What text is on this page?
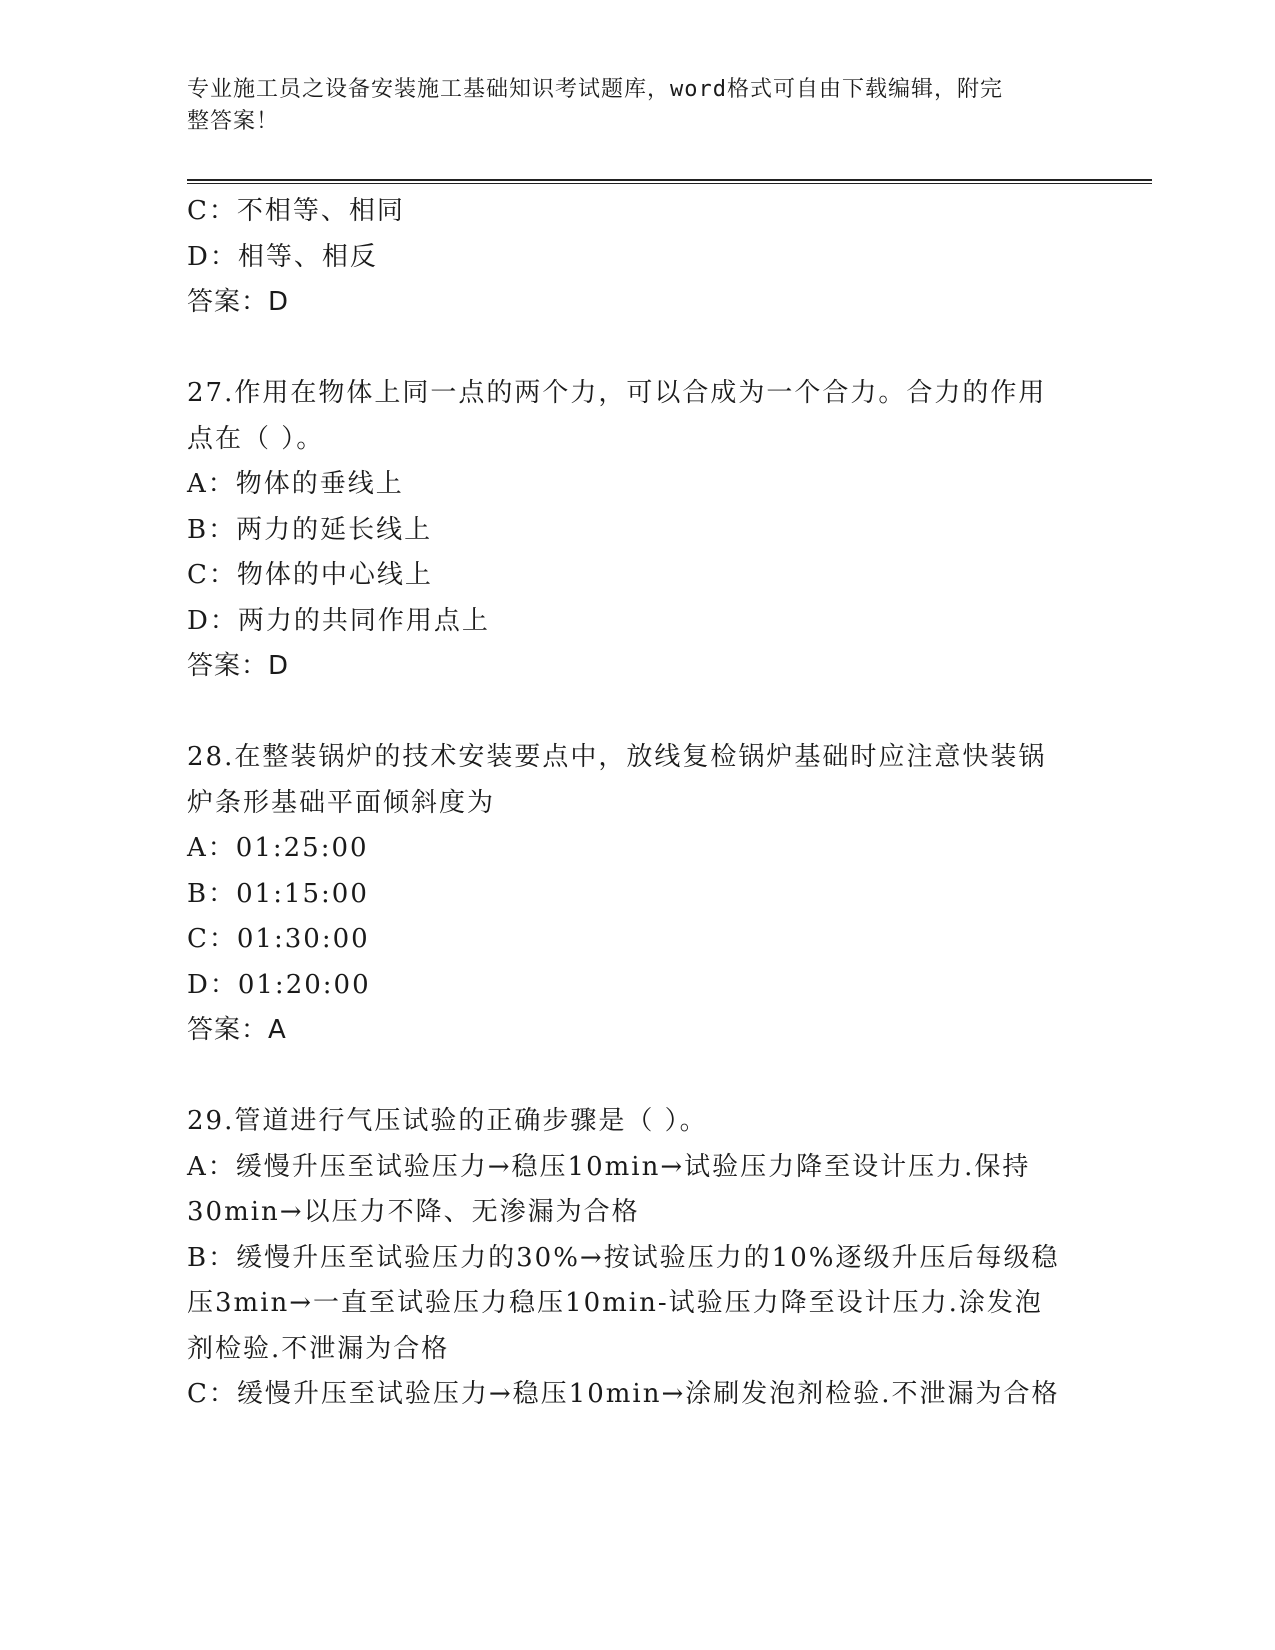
专业施工员之设备安装施工基础知识考试题库，word格式可自由下载编辑，附完
整答案！
C：不相等、相同
D：相等、相反
答案：D
27.作用在物体上同一点的两个力，可以合成为一个合力。合力的作用
点在（ ）。
A：物体的垂线上
B：两力的延长线上
C：物体的中心线上
D：两力的共同作用点上
答案：D
28.在整装锅炉的技术安装要点中，放线复检锅炉基础时应注意快装锅
炉条形基础平面倾斜度为
A：01:25:00
B：01:15:00
C：01:30:00
D：01:20:00
答案：A
29.管道进行气压试验的正确步骤是（ ）。
A：缓慢升压至试验压力→稳压10min→试验压力降至设计压力.保持
30min→以压力不降、无渗漏为合格
B：缓慢升压至试验压力的30%→按试验压力的10%逐级升压后每级稳
压3min→一直至试验压力稳压10min-试验压力降至设计压力.涂发泡
剂检验.不泄漏为合格
C：缓慢升压至试验压力→稳压10min→涂刷发泡剂检验.不泄漏为合格
